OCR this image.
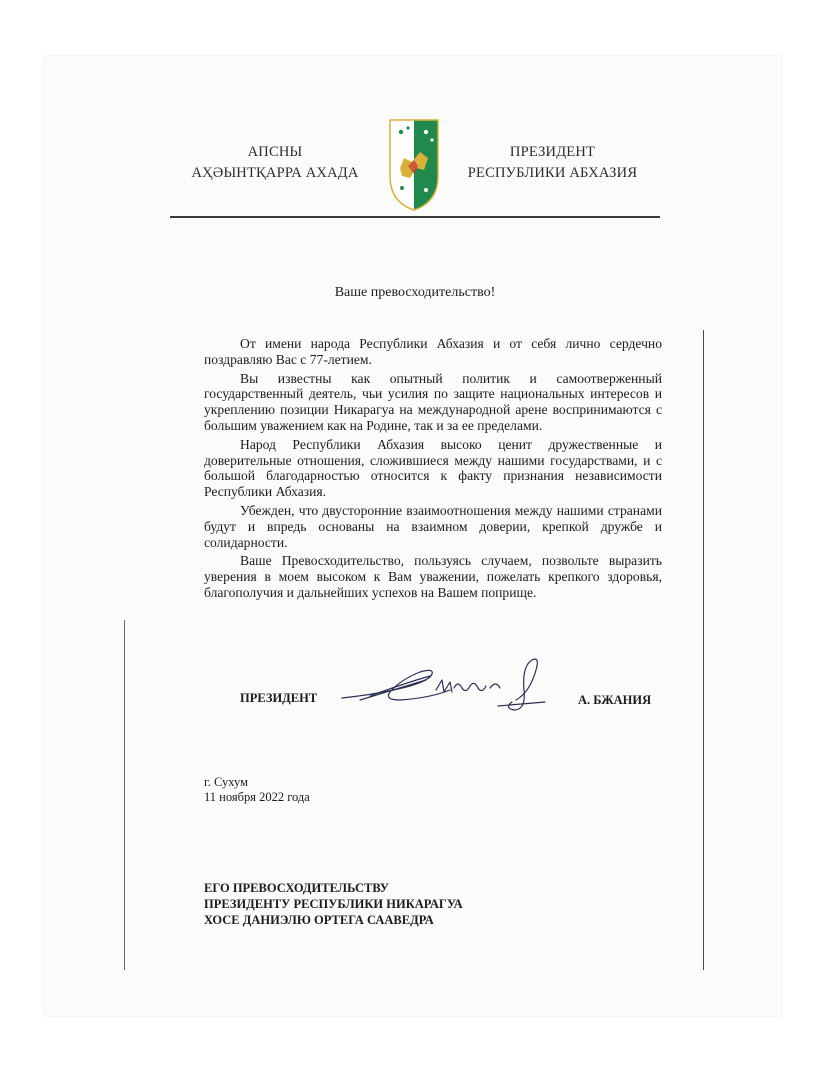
АПСНЫ
АҲӘЫНТҚАРРА АХАДА
ПРЕЗИДЕНТ
РЕСПУБЛИКИ АБХАЗИЯ
Ваше превосходительство!

От имени народа Республики Абхазия и от себя лично сердечно поздравляю Вас с 77-летием.

Вы известны как опытный политик и самоотверженный государственный деятель, чьи усилия по защите национальных интересов и укреплению позиции Никарагуа на международной арене воспринимаются с большим уважением как на Родине, так и за ее пределами.

Народ Республики Абхазия высоко ценит дружественные и доверительные отношения, сложившиеся между нашими государствами, и с большой благодарностью относится к факту признания независимости Республики Абхазия.

Убежден, что двусторонние взаимоотношения между нашими странами будут и впредь основаны на взаимном доверии, крепкой дружбе и солидарности.

Ваше Превосходительство, пользуясь случаем, позвольте выразить уверения в моем высоком к Вам уважении, пожелать крепкого здоровья, благополучия и дальнейших успехов на Вашем поприще.

ПРЕЗИДЕНТ	А. БЖАНИЯ
г. Сухум
11 ноября 2022 года
ЕГО ПРЕВОСХОДИТЕЛЬСТВУ
ПРЕЗИДЕНТУ РЕСПУБЛИКИ НИКАРАГУА
ХОСЕ ДАНИЭЛЮ ОРТЕГА СААВЕДРА
